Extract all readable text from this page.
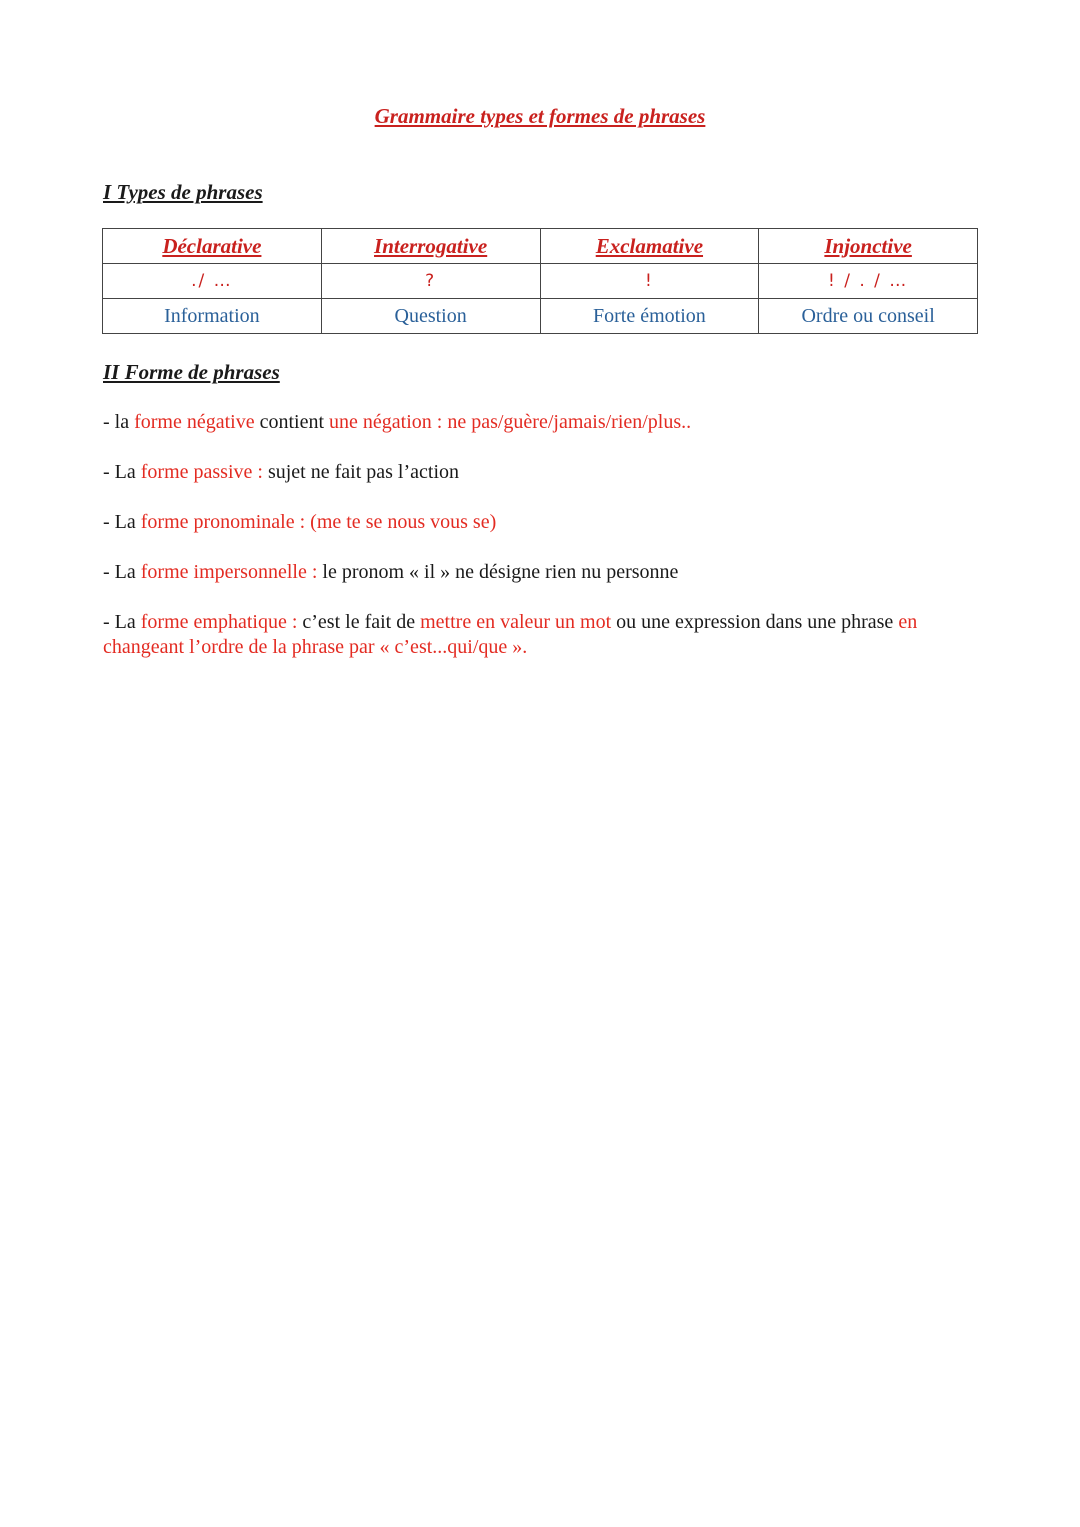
Grammaire types et formes de phrases
I Types de phrases
Déclarative	Interrogative	Exclamative	Injonctive
./ …	?	!	! / . / …
Information	Question	Forte émotion	Ordre ou conseil
II Forme de phrases
- la forme négative contient une négation : ne pas/guère/jamais/rien/plus..
- La forme passive : sujet ne fait pas l’action
- La forme pronominale : (me te se nous vous se)
- La forme impersonnelle : le pronom « il » ne désigne rien nu personne
- La forme emphatique : c’est le fait de mettre en valeur un mot ou une expression dans une phrase en changeant l’ordre de la phrase par « c’est...qui/que ».
